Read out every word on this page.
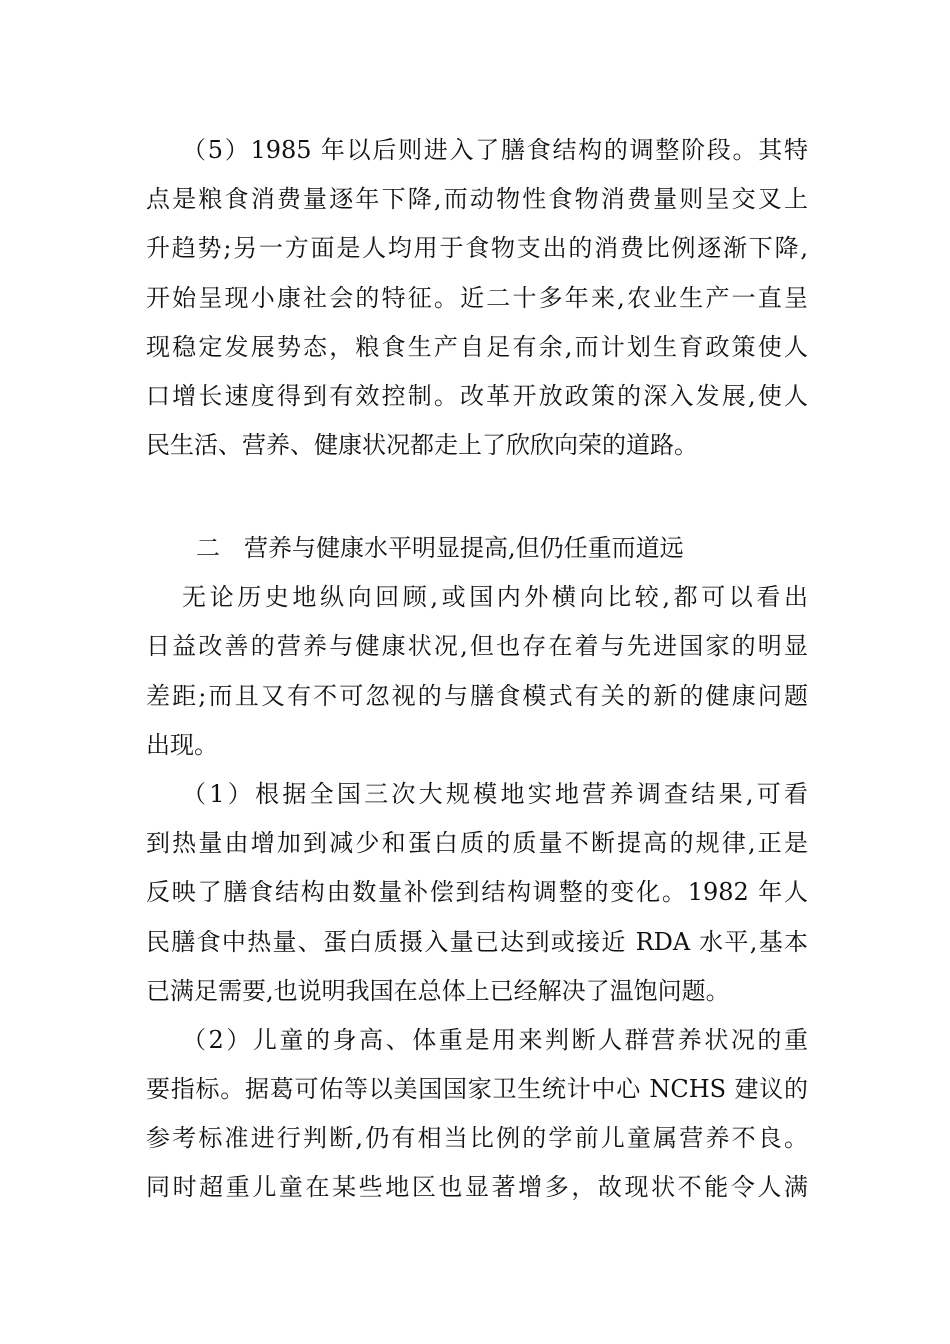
（5）1985 年以后则进入了膳食结构的调整阶段。其特
点是粮食消费量逐年下降,而动物性食物消费量则呈交叉上
升趋势;另一方面是人均用于食物支出的消费比例逐渐下降,
开始呈现小康社会的特征。近二十多年来,农业生产一直呈
现稳定发展势态，粮食生产自足有余,而计划生育政策使人
口增长速度得到有效控制。改革开放政策的深入发展,使人
民生活、营养、健康状况都走上了欣欣向荣的道路。
二　营养与健康水平明显提高,但仍任重而道远
无论历史地纵向回顾,或国内外横向比较,都可以看出
日益改善的营养与健康状况,但也存在着与先进国家的明显
差距;而且又有不可忽视的与膳食模式有关的新的健康问题
出现。
（1）根据全国三次大规模地实地营养调查结果,可看
到热量由增加到减少和蛋白质的质量不断提高的规律,正是
反映了膳食结构由数量补偿到结构调整的变化。1982 年人
民膳食中热量、蛋白质摄入量已达到或接近 RDA 水平,基本
已满足需要,也说明我国在总体上已经解决了温饱问题。
（2）儿童的身高、体重是用来判断人群营养状况的重
要指标。据葛可佑等以美国国家卫生统计中心 NCHS 建议的
参考标准进行判断,仍有相当比例的学前儿童属营养不良。
同时超重儿童在某些地区也显著增多，故现状不能令人满
